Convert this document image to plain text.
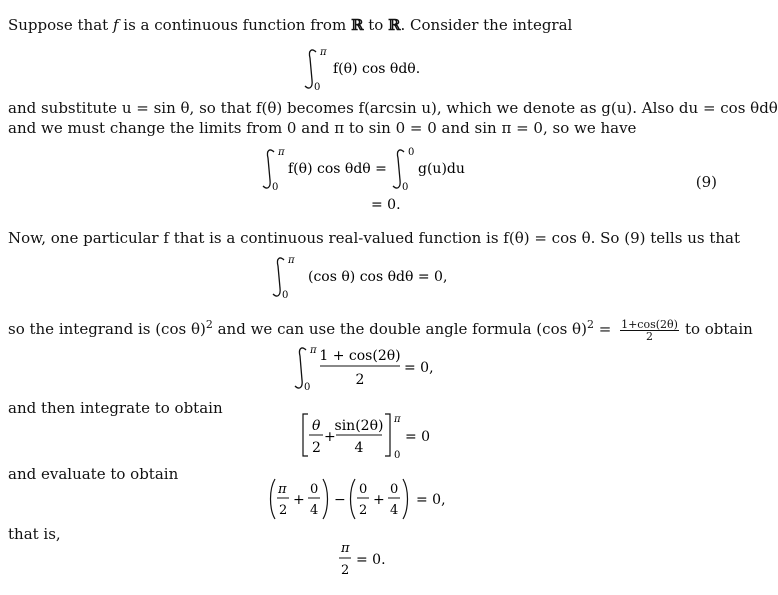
Suppose that f is a continuous function from ℝ to ℝ. Consider the integral
π
0
f(θ) cos θdθ.
and substitute u = sin θ, so that f(θ) becomes f(arcsin u), which we denote as g(u). Also du = cos θdθ
and we must change the limits from 0 and π to sin 0 = 0 and sin π = 0, so we have
π
0
f(θ) cos θdθ =
0
0
g(u)du
= 0.
(9)
Now, one particular f that is a continuous real-valued function is f(θ) = cos θ. So (9) tells us that
π
0
(cos θ) cos θdθ = 0,
so the integrand is (cos θ)$^2$ and we can use the double angle formula (cos $\theta)^2 = \frac{1+\cos(2\theta)}{2}$ to obtain
π
0
1 + cos(2θ)
2
= 0,
and then integrate to obtain
θ
2
+
sin(2θ)
4
π
0
= 0
and evaluate to obtain
π
2
+
0
4
−
0
2
+
0
4
= 0,
that is,
π
2
= 0.
